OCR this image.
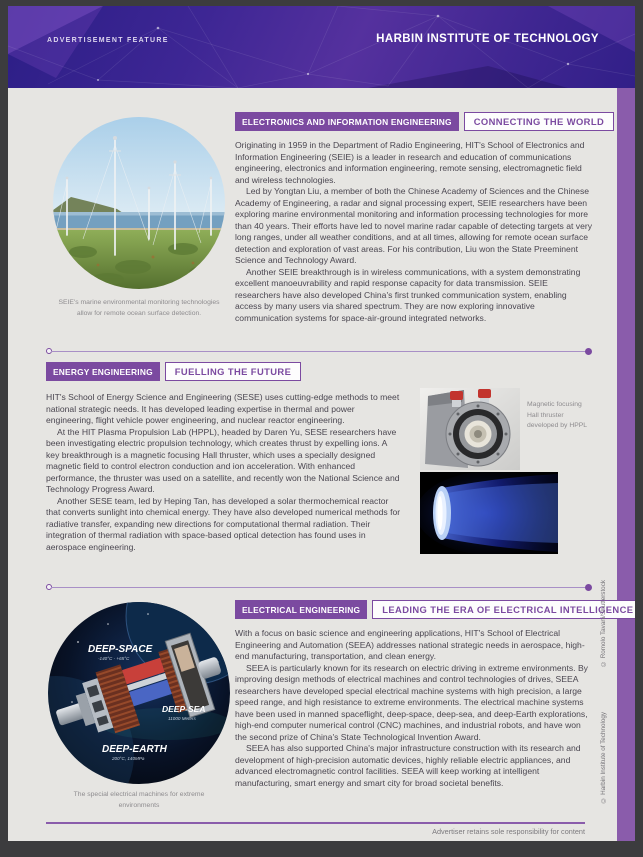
ADVERTISEMENT FEATURE	HARBIN INSTITUTE OF TECHNOLOGY
SEIE's marine environmental monitoring technologies allow for remote ocean surface detection.
ELECTRONICS AND INFORMATION ENGINEERING	CONNECTING THE WORLD

Originating in 1959 in the Department of Radio Engineering, HIT's School of Electronics and Information Engineering (SEIE) is a leader in research and education of communications engineering, electronics and information engineering, remote sensing, electromagnetic field and wireless technologies.

Led by Yongtan Liu, a member of both the Chinese Academy of Sciences and the Chinese Academy of Engineering, a radar and signal processing expert, SEIE researchers have been exploring marine environmental monitoring and information processing technologies for more than 40 years. Their efforts have led to novel marine radar capable of detecting targets at very long ranges, under all weather conditions, and at all times, allowing for remote ocean surface detection and exploration of vast areas. For his contribution, Liu won the State Preeminent Science and Technology Award.

Another SEIE breakthrough is in wireless communications, with a system demonstrating excellent manoeuvrability and rapid response capacity for data transmission. SEIE researchers have also developed China's first trunked communication system, enabling access by many users via shared spectrum. They are now exploring innovative communication systems for space-air-ground integrated networks.

ENERGY ENGINEERING	FUELLING THE FUTURE

HIT's School of Energy Science and Engineering (SESE) uses cutting-edge methods to meet national strategic needs. It has developed leading expertise in thermal and power engineering, flight vehicle power engineering, and nuclear reactor engineering.

At the HIT Plasma Propulsion Lab (HPPL), headed by Daren Yu, SESE researchers have been investigating electric propulsion technology, which creates thrust by expelling ions. A key breakthrough is a magnetic focusing Hall thruster, which uses a specially designed magnetic field to control electron conduction and ion acceleration. With enhanced performance, the thruster was used on a satellite, and recently won the National Science and Technology Progress Award.

Another SESE team, led by Heping Tan, has developed a solar thermochemical reactor that converts sunlight into chemical energy. They have also developed numerical methods for radiative transfer, expanding new directions for computational thermal radiation. Their integration of thermal radiation with space-based optical detection has found uses in aerospace engineering.

Magnetic focusing Hall thruster developed by HPPL
DEEP-SPACE
-140°C - +65°C
DEEP-SEA
11000 Meters
DEEP-EARTH
200°C, 140MPa
The special electrical machines for extreme environments
ELECTRICAL ENGINEERING	LEADING THE ERA OF ELECTRICAL INTELLIGENCE

With a focus on basic science and engineering applications, HIT's School of Electrical Engineering and Automation (SEEA) addresses national strategic needs in aerospace, high-end manufacturing, transportation, and clean energy.

SEEA is particularly known for its research on electric driving in extreme environments. By improving design methods of electrical machines and control technologies of drives, SEEA researchers have developed special electrical machine systems with high precision, a large speed range, and high resistance to extreme environments. The electrical machine systems have been used in manned spaceflight, deep-space, deep-sea, and deep-Earth explorations, high-end computer numerical control (CNC) machines, and industrial robots, and have won the second prize of China's State Technological Invention Award.

SEEA has also supported China's major infrastructure construction with its research and development of high-precision automatic devices, highly reliable electric appliances, and advanced electromagnetic control facilities. SEEA will keep working at intelligent manufacturing, smart energy and smart city for broad societal benefits.

Advertiser retains sole responsibility for content
© Romolo Tavani/Shutterstock
© Harbin Institute of Technology
